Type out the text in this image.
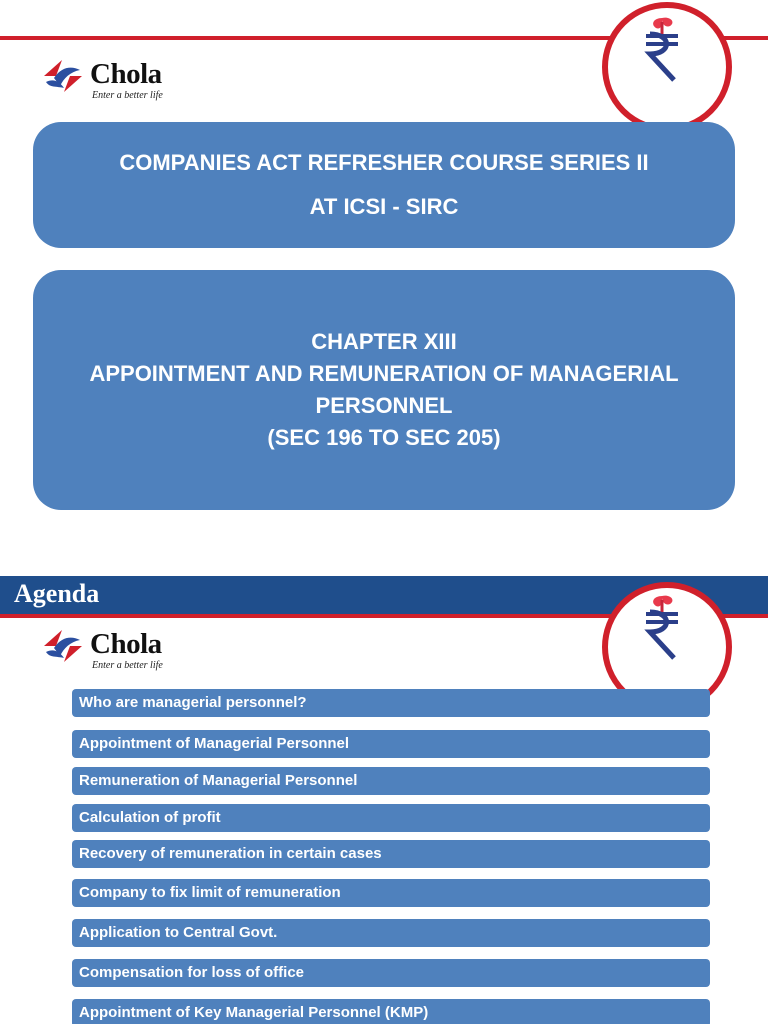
Chola
Enter a better life
COMPANIES ACT REFRESHER COURSE SERIES II
AT ICSI - SIRC
CHAPTER XIII
APPOINTMENT AND REMUNERATION OF MANAGERIAL
PERSONNEL
(SEC 196 TO SEC 205)
Agenda
Chola
Enter a better life
Who are managerial personnel?
Appointment of Managerial Personnel
Remuneration of Managerial Personnel
Calculation of profit
Recovery of remuneration in certain cases
Company to fix limit of remuneration
Application to Central Govt.
Compensation for loss of office
Appointment of Key Managerial Personnel (KMP)
